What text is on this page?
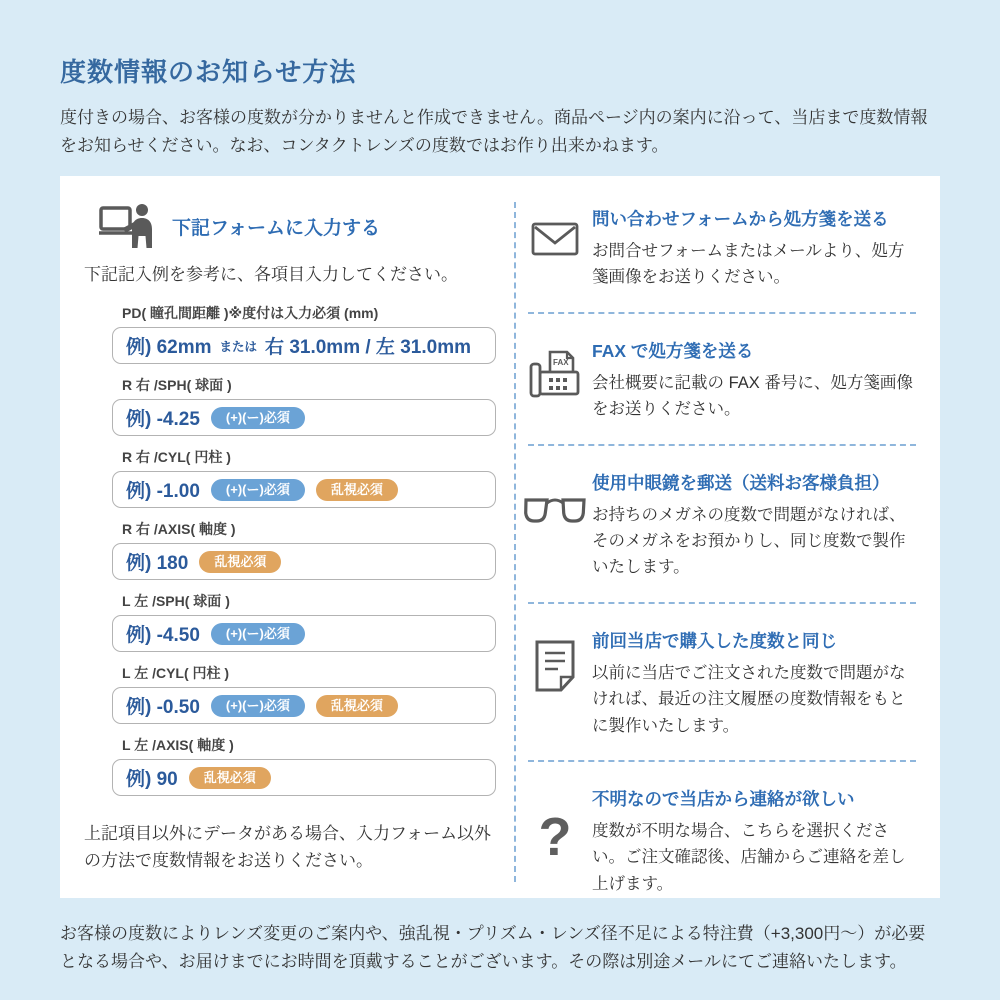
度数情報のお知らせ方法

度付きの場合、お客様の度数が分かりませんと作成できません。商品ページ内の案内に沿って、当店まで度数情報をお知らせください。なお、コンタクトレンズの度数ではお作り出来かねます。

下記フォームに入力する

下記記入例を参考に、各項目入力してください。

PD( 瞳孔間距離 )※度付は入力必須 (mm)
例) 62mm または 右 31.0mm / 左 31.0mm
R 右 /SPH( 球面 )
例) -4.25	(+)(ー)必須
R 右 /CYL( 円柱 )
例) -1.00	(+)(ー)必須	乱視必須
R 右 /AXIS( 軸度 )
例) 180	乱視必須
L 左 /SPH( 球面 )
例) -4.50	(+)(ー)必須
L 左 /CYL( 円柱 )
例) -0.50	(+)(ー)必須	乱視必須
L 左 /AXIS( 軸度 )
例) 90	乱視必須

上記項目以外にデータがある場合、入力フォーム以外の方法で度数情報をお送りください。

問い合わせフォームから処方箋を送る
お問合せフォームまたはメールより、処方箋画像をお送りください。
FAX
FAX で処方箋を送る
会社概要に記載の FAX 番号に、処方箋画像をお送りください。
使用中眼鏡を郵送（送料お客様負担）
お持ちのメガネの度数で問題がなければ、そのメガネをお預かりし、同じ度数で製作いたします。
前回当店で購入した度数と同じ
以前に当店でご注文された度数で問題がなければ、最近の注文履歴の度数情報をもとに製作いたします。
?
不明なので当店から連絡が欲しい
度数が不明な場合、こちらを選択ください。ご注文確認後、店舗からご連絡を差し上げます。

お客様の度数によりレンズ変更のご案内や、強乱視・プリズム・レンズ径不足による特注費（+3,300円〜）が必要となる場合や、お届けまでにお時間を頂戴することがございます。その際は別途メールにてご連絡いたします。
